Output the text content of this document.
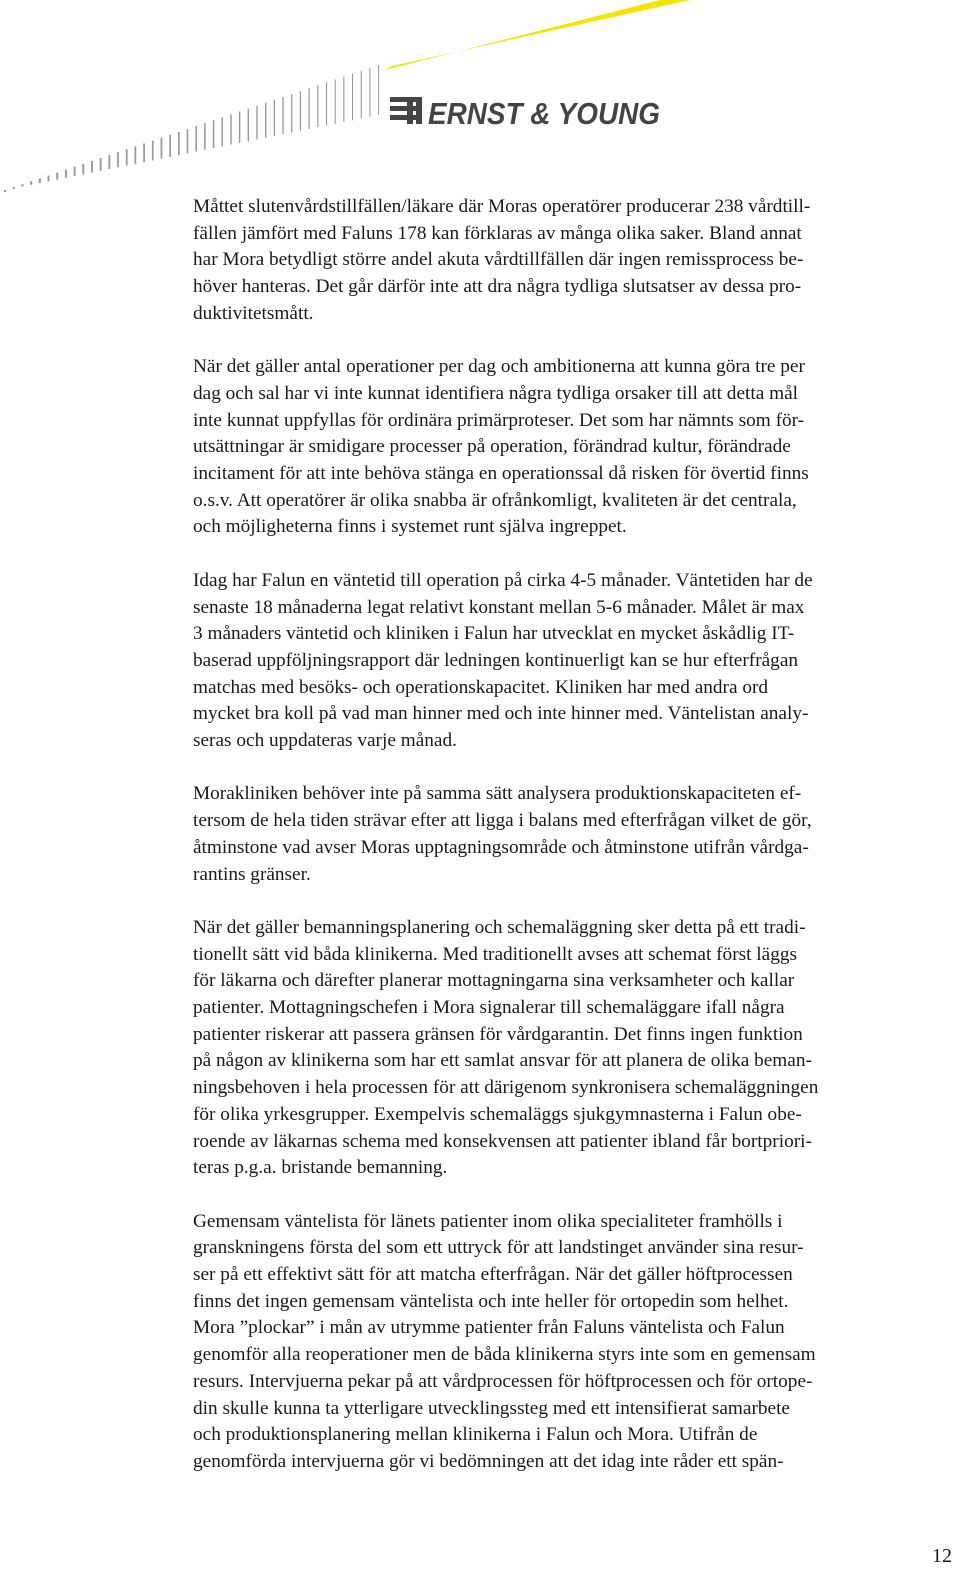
ERNST & YOUNG

Måttet slutenvårdstillfällen/läkare där Moras operatörer producerar 238 vårdtill-
fällen jämfört med Faluns 178 kan förklaras av många olika saker. Bland annat
har Mora betydligt större andel akuta vårdtillfällen där ingen remissprocess be-
höver hanteras. Det går därför inte att dra några tydliga slutsatser av dessa pro-
duktivitetsmått.

När det gäller antal operationer per dag och ambitionerna att kunna göra tre per
dag och sal har vi inte kunnat identifiera några tydliga orsaker till att detta mål
inte kunnat uppfyllas för ordinära primärproteser. Det som har nämnts som för-
utsättningar är smidigare processer på operation, förändrad kultur, förändrade
incitament för att inte behöva stänga en operationssal då risken för övertid finns
o.s.v. Att operatörer är olika snabba är ofrånkomligt, kvaliteten är det centrala,
och möjligheterna finns i systemet runt själva ingreppet.

Idag har Falun en väntetid till operation på cirka 4-5 månader. Väntetiden har de
senaste 18 månaderna legat relativt konstant mellan 5-6 månader. Målet är max
3 månaders väntetid och kliniken i Falun har utvecklat en mycket åskådlig IT-
baserad uppföljningsrapport där ledningen kontinuerligt kan se hur efterfrågan
matchas med besöks- och operationskapacitet. Kliniken har med andra ord
mycket bra koll på vad man hinner med och inte hinner med. Väntelistan analy-
seras och uppdateras varje månad.

Morakliniken behöver inte på samma sätt analysera produktionskapaciteten ef-
tersom de hela tiden strävar efter att ligga i balans med efterfrågan vilket de gör,
åtminstone vad avser Moras upptagningsområde och åtminstone utifrån vårdga-
rantins gränser.

När det gäller bemanningsplanering och schemaläggning sker detta på ett tradi-
tionellt sätt vid båda klinikerna. Med traditionellt avses att schemat först läggs
för läkarna och därefter planerar mottagningarna sina verksamheter och kallar
patienter. Mottagningschefen i Mora signalerar till schemaläggare ifall några
patienter riskerar att passera gränsen för vårdgarantin. Det finns ingen funktion
på någon av klinikerna som har ett samlat ansvar för att planera de olika beman-
ningsbehoven i hela processen för att därigenom synkronisera schemaläggningen
för olika yrkesgrupper. Exempelvis schemaläggs sjukgymnasterna i Falun obe-
roende av läkarnas schema med konsekvensen att patienter ibland får bortpriori-
teras p.g.a. bristande bemanning.

Gemensam väntelista för länets patienter inom olika specialiteter framhölls i
granskningens första del som ett uttryck för att landstinget använder sina resur-
ser på ett effektivt sätt för att matcha efterfrågan. När det gäller höftprocessen
finns det ingen gemensam väntelista och inte heller för ortopedin som helhet.
Mora ”plockar” i mån av utrymme patienter från Faluns väntelista och Falun
genomför alla reoperationer men de båda klinikerna styrs inte som en gemensam
resurs. Intervjuerna pekar på att vårdprocessen för höftprocessen och för ortope-
din skulle kunna ta ytterligare utvecklingssteg med ett intensifierat samarbete
och produktionsplanering mellan klinikerna i Falun och Mora. Utifrån de
genomförda intervjuerna gör vi bedömningen att det idag inte råder ett spän-

12
